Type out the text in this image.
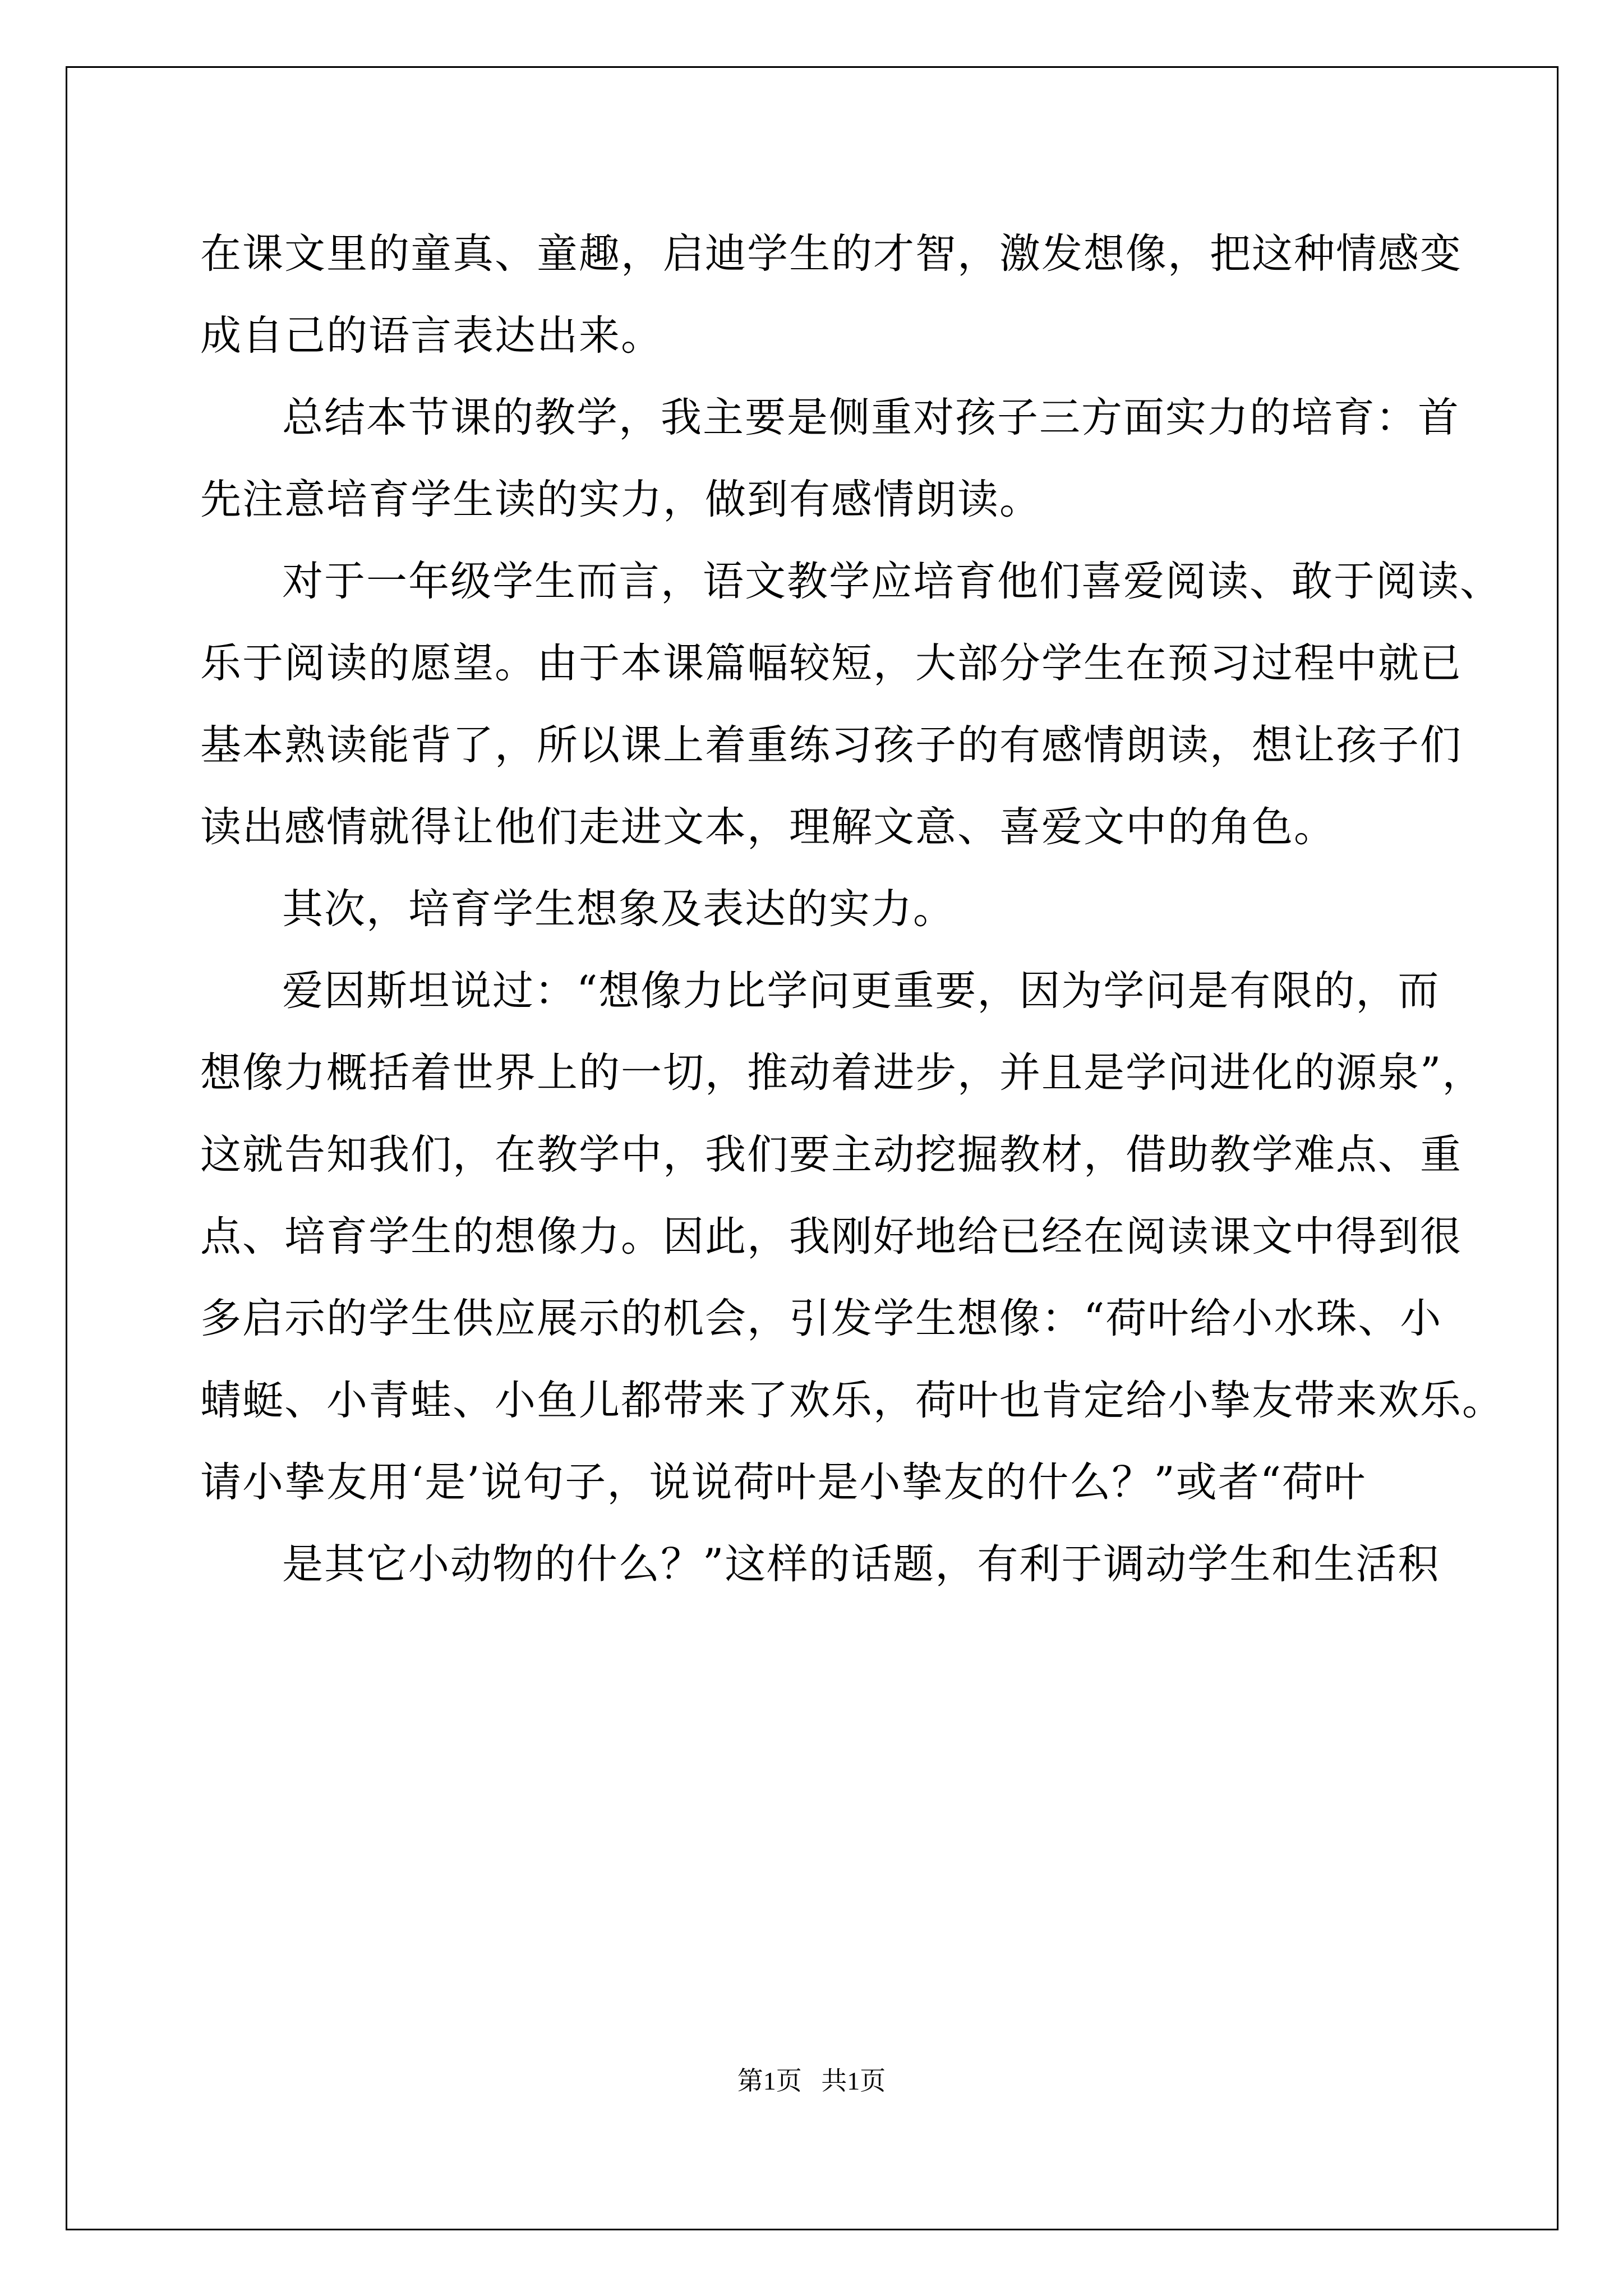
在课文里的童真、童趣，启迪学生的才智，激发想像，把这种情感变
成自己的语言表达出来。
总结本节课的教学，我主要是侧重对孩子三方面实力的培育：首
先注意培育学生读的实力，做到有感情朗读。
对于一年级学生而言，语文教学应培育他们喜爱阅读、敢于阅读、
乐于阅读的愿望。由于本课篇幅较短，大部分学生在预习过程中就已
基本熟读能背了，所以课上着重练习孩子的有感情朗读，想让孩子们
读出感情就得让他们走进文本，理解文意、喜爱文中的角色。
其次，培育学生想象及表达的实力。
爱因斯坦说过：“想像力比学问更重要，因为学问是有限的，而
想像力概括着世界上的一切，推动着进步，并且是学问进化的源泉”，
这就告知我们，在教学中，我们要主动挖掘教材，借助教学难点、重
点、培育学生的想像力。因此，我刚好地给已经在阅读课文中得到很
多启示的学生供应展示的机会，引发学生想像：“荷叶给小水珠、小
蜻蜓、小青蛙、小鱼儿都带来了欢乐，荷叶也肯定给小挚友带来欢乐。
请小挚友用‘是’说句子，说说荷叶是小挚友的什么？”或者“荷叶
是其它小动物的什么？”这样的话题，有利于调动学生和生活积
第1页   共1页
